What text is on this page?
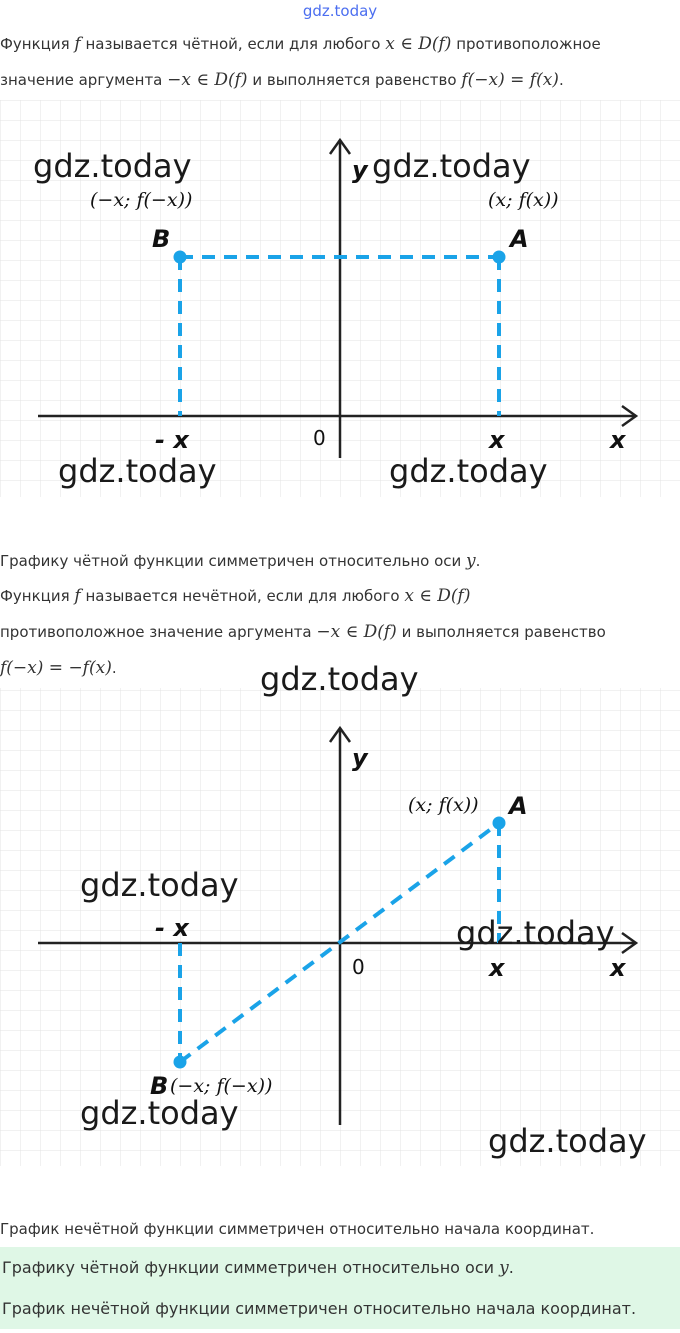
gdz.today
Функция f называется чётной, если для любого x ∈ D(f) противоположное
значение аргумента −x ∈ D(f) и выполняется равенство f(−x) = f(x).
y
x
0
- x	x
B	A
(−x; f(−x))	(x; f(x))
gdz.today	gdz.today
gdz.today	gdz.today
Графику чётной функции симметричен относительно оси y.
Функция f называется нечётной, если для любого x ∈ D(f)
противоположное значение аргумента −x ∈ D(f) и выполняется равенство
f(−x) = −f(x).
y
x
0
- x
x
A
(x; f(x))
B (−x; f(−x))
gdz.today
gdz.today
gdz.today
gdz.today
gdz.today
График нечётной функции симметричен относительно начала координат.
Графику чётной функции симметричен относительно оси y.
График нечётной функции симметричен относительно начала координат.
